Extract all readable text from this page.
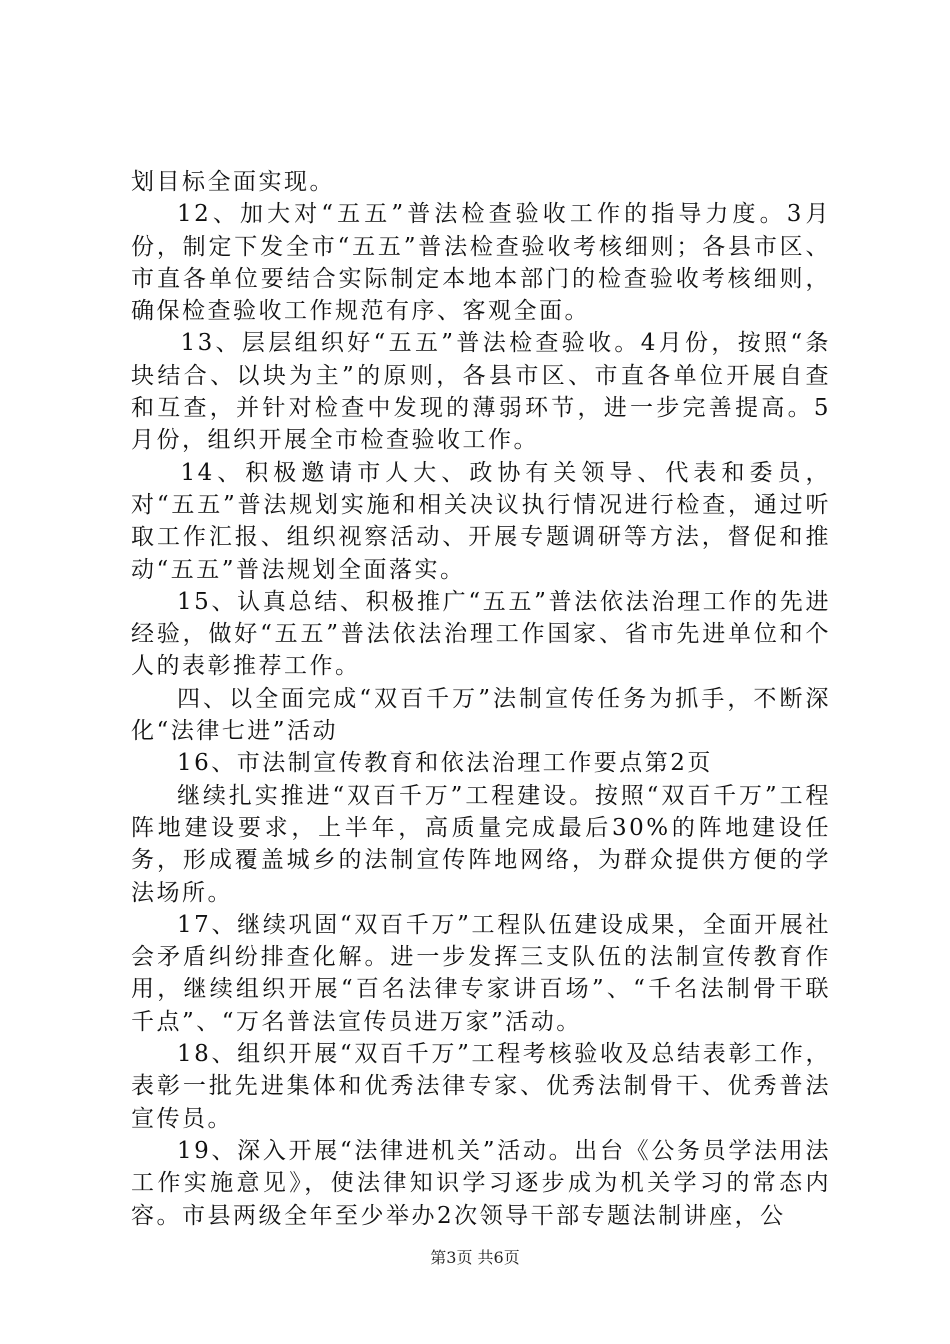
划目标全面实现。

12、加大对“五五”普法检查验收工作的指导力度。3月份，制定下发全市“五五”普法检查验收考核细则；各县市区、市直各单位要结合实际制定本地本部门的检查验收考核细则，确保检查验收工作规范有序、客观全面。

13、层层组织好“五五”普法检查验收。4月份，按照“条块结合、以块为主”的原则，各县市区、市直各单位开展自查和互查，并针对检查中发现的薄弱环节，进一步完善提高。5月份，组织开展全市检查验收工作。

14、积极邀请市人大、政协有关领导、代表和委员，对“五五”普法规划实施和相关决议执行情况进行检查，通过听取工作汇报、组织视察活动、开展专题调研等方法，督促和推动“五五”普法规划全面落实。

15、认真总结、积极推广“五五”普法依法治理工作的先进经验，做好“五五”普法依法治理工作国家、省市先进单位和个人的表彰推荐工作。

四、以全面完成“双百千万”法制宣传任务为抓手，不断深化“法律七进”活动

16、市法制宣传教育和依法治理工作要点第2页

继续扎实推进“双百千万”工程建设。按照“双百千万”工程阵地建设要求，上半年，高质量完成最后30%的阵地建设任务，形成覆盖城乡的法制宣传阵地网络，为群众提供方便的学法场所。

17、继续巩固“双百千万”工程队伍建设成果，全面开展社会矛盾纠纷排查化解。进一步发挥三支队伍的法制宣传教育作用，继续组织开展“百名法律专家讲百场”、“千名法制骨干联千点”、“万名普法宣传员进万家”活动。

18、组织开展“双百千万”工程考核验收及总结表彰工作，表彰一批先进集体和优秀法律专家、优秀法制骨干、优秀普法宣传员。

19、深入开展“法律进机关”活动。出台《公务员学法用法工作实施意见》，使法律知识学习逐步成为机关学习的常态内容。市县两级全年至少举办2次领导干部专题法制讲座，公

第3页 共6页
